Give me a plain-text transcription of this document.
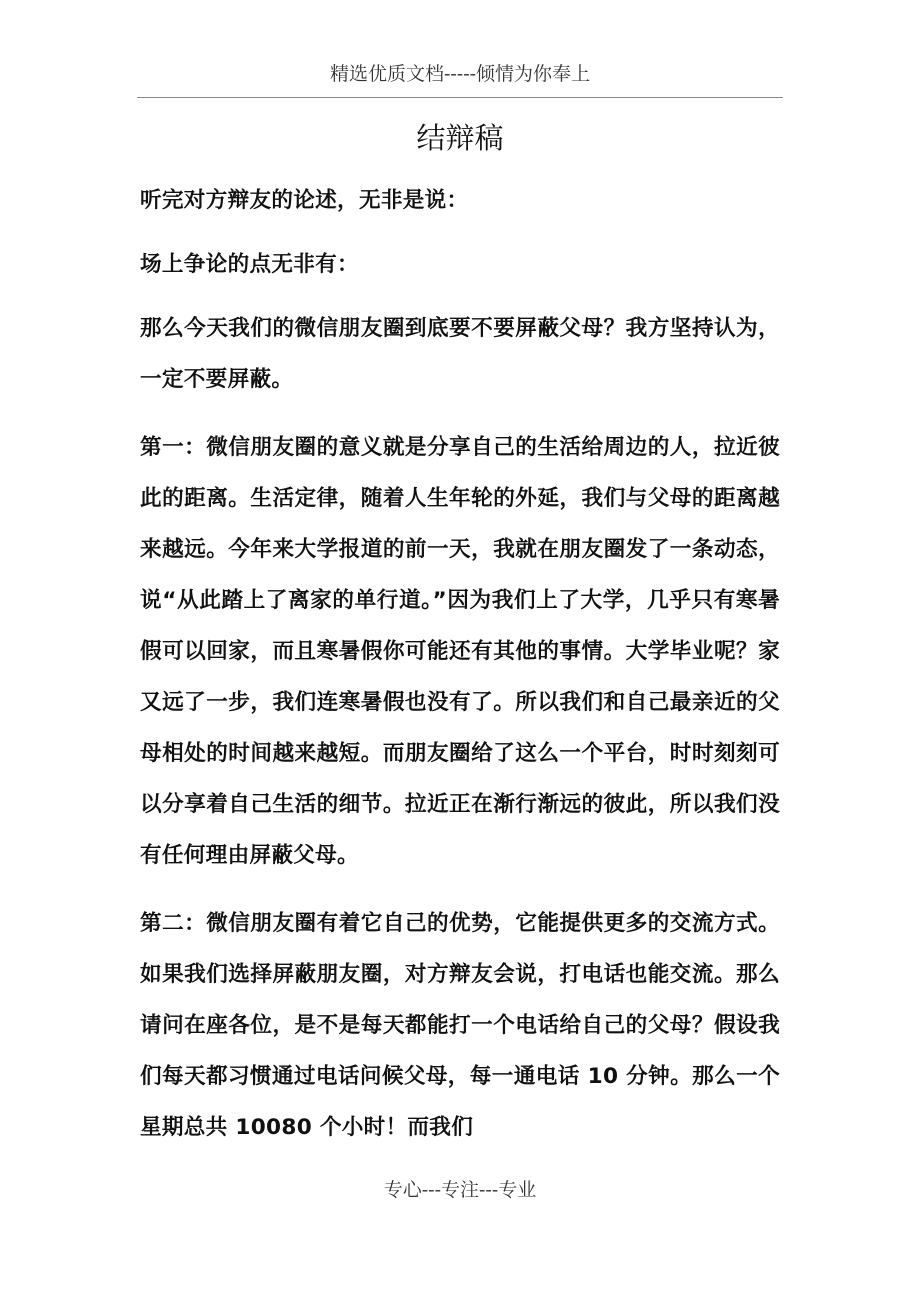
精选优质文档-----倾情为你奉上
结辩稿

听完对方辩友的论述，无非是说：

场上争论的点无非有：

那么今天我们的微信朋友圈到底要不要屏蔽父母？我方坚持认为，一定不要屏蔽。

第一：微信朋友圈的意义就是分享自己的生活给周边的人，拉近彼此的距离。生活定律，随着人生年轮的外延，我们与父母的距离越来越远。今年来大学报道的前一天，我就在朋友圈发了一条动态，说“从此踏上了离家的单行道。”因为我们上了大学，几乎只有寒暑假可以回家，而且寒暑假你可能还有其他的事情。大学毕业呢？家又远了一步，我们连寒暑假也没有了。所以我们和自己最亲近的父母相处的时间越来越短。而朋友圈给了这么一个平台，时时刻刻可以分享着自己生活的细节。拉近正在渐行渐远的彼此，所以我们没有任何理由屏蔽父母。

第二：微信朋友圈有着它自己的优势，它能提供更多的交流方式。如果我们选择屏蔽朋友圈，对方辩友会说，打电话也能交流。那么请问在座各位，是不是每天都能打一个电话给自己的父母？假设我们每天都习惯通过电话问候父母，每一通电话 10 分钟。那么一个星期总共 10080 个小时！而我们

专心---专注---专业
